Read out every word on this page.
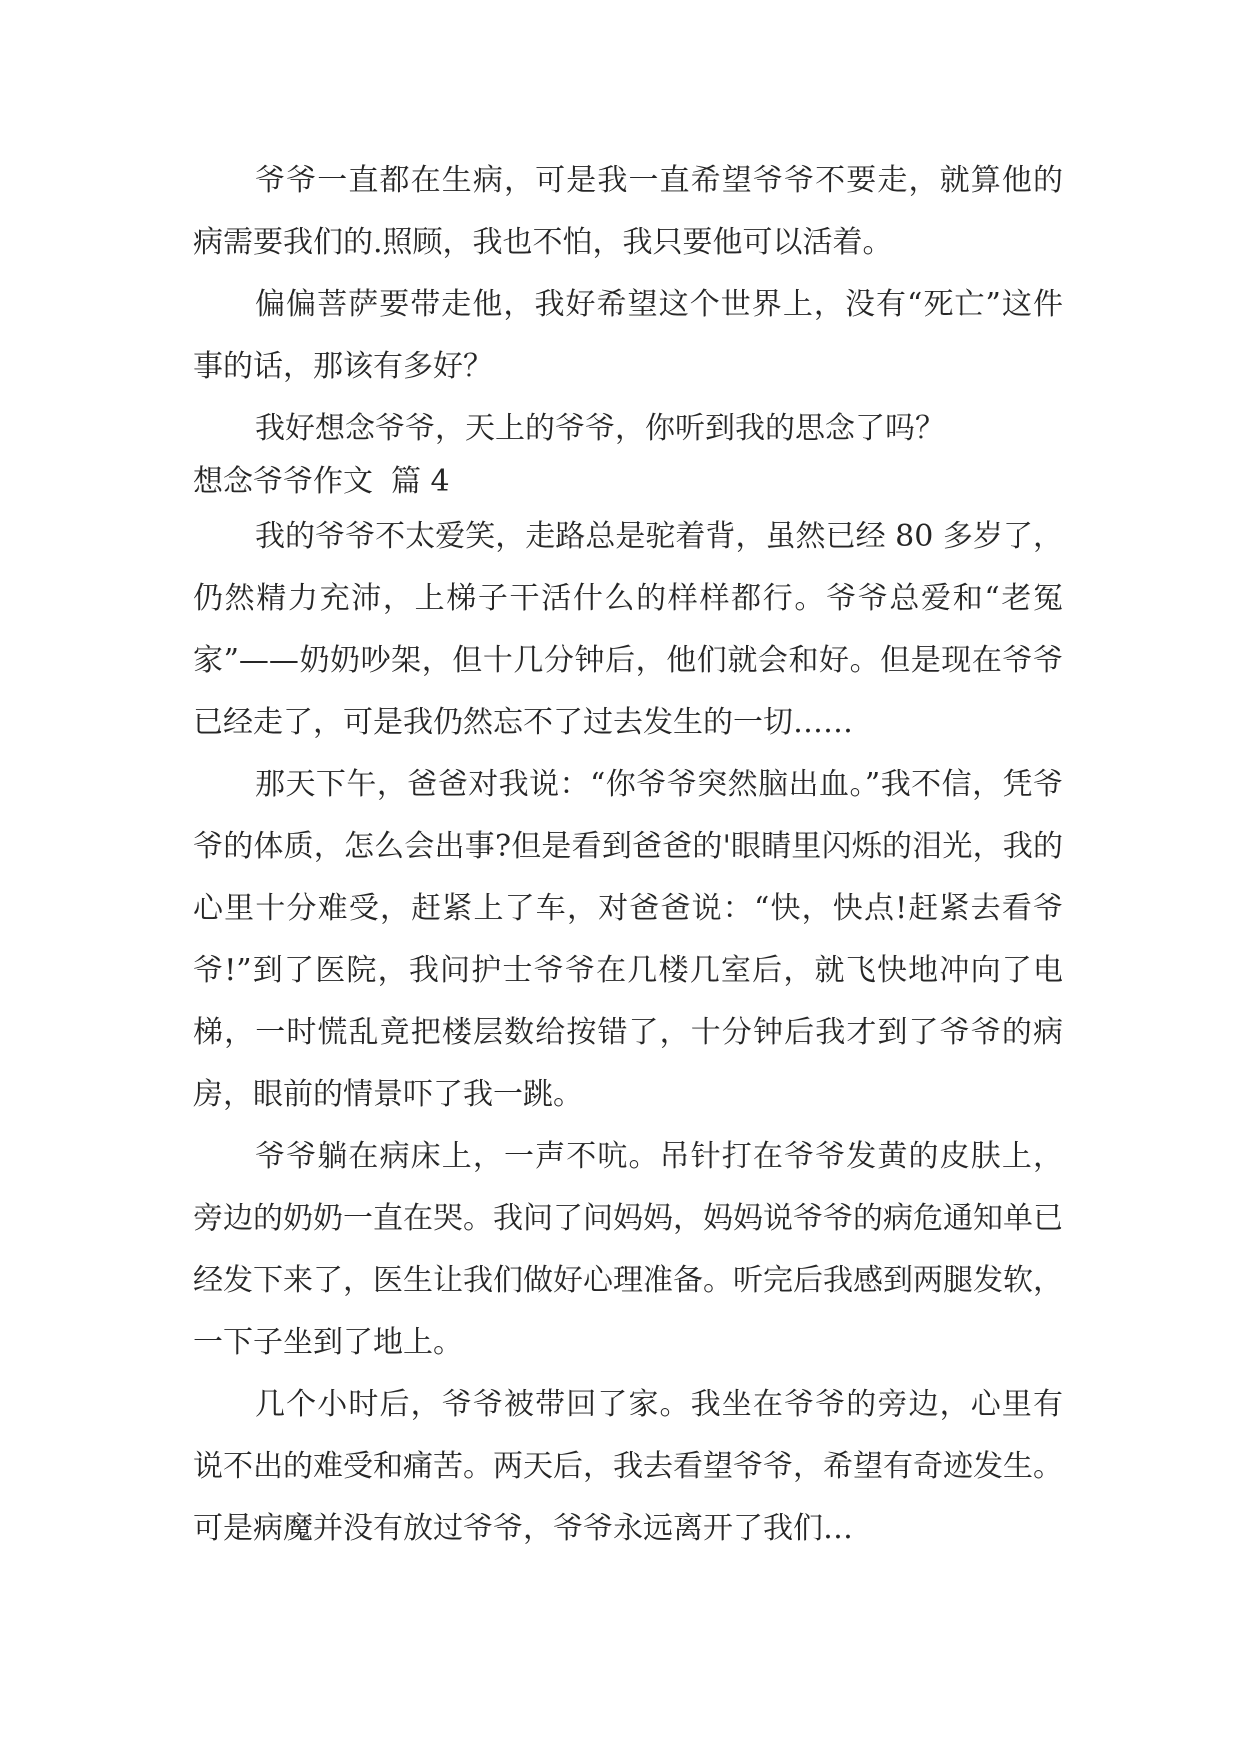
爷爷一直都在生病，可是我一直希望爷爷不要走，就算他的病需要我们的.照顾，我也不怕，我只要他可以活着。

偏偏菩萨要带走他，我好希望这个世界上，没有“死亡”这件事的话，那该有多好？

我好想念爷爷，天上的爷爷，你听到我的思念了吗？

想念爷爷作文 篇 4

我的爷爷不太爱笑，走路总是驼着背，虽然已经 80 多岁了，仍然精力充沛，上梯子干活什么的样样都行。爷爷总爱和“老冤家”——奶奶吵架，但十几分钟后，他们就会和好。但是现在爷爷已经走了，可是我仍然忘不了过去发生的一切……

那天下午，爸爸对我说：“你爷爷突然脑出血。”我不信，凭爷爷的体质，怎么会出事?但是看到爸爸的'眼睛里闪烁的泪光，我的心里十分难受，赶紧上了车，对爸爸说：“快，快点!赶紧去看爷爷!”到了医院，我问护士爷爷在几楼几室后，就飞快地冲向了电梯，一时慌乱竟把楼层数给按错了，十分钟后我才到了爷爷的病房，眼前的情景吓了我一跳。

爷爷躺在病床上，一声不吭。吊针打在爷爷发黄的皮肤上，旁边的奶奶一直在哭。我问了问妈妈，妈妈说爷爷的病危通知单已经发下来了，医生让我们做好心理准备。听完后我感到两腿发软，一下子坐到了地上。

几个小时后，爷爷被带回了家。我坐在爷爷的旁边，心里有说不出的难受和痛苦。两天后，我去看望爷爷，希望有奇迹发生。可是病魔并没有放过爷爷，爷爷永远离开了我们…
